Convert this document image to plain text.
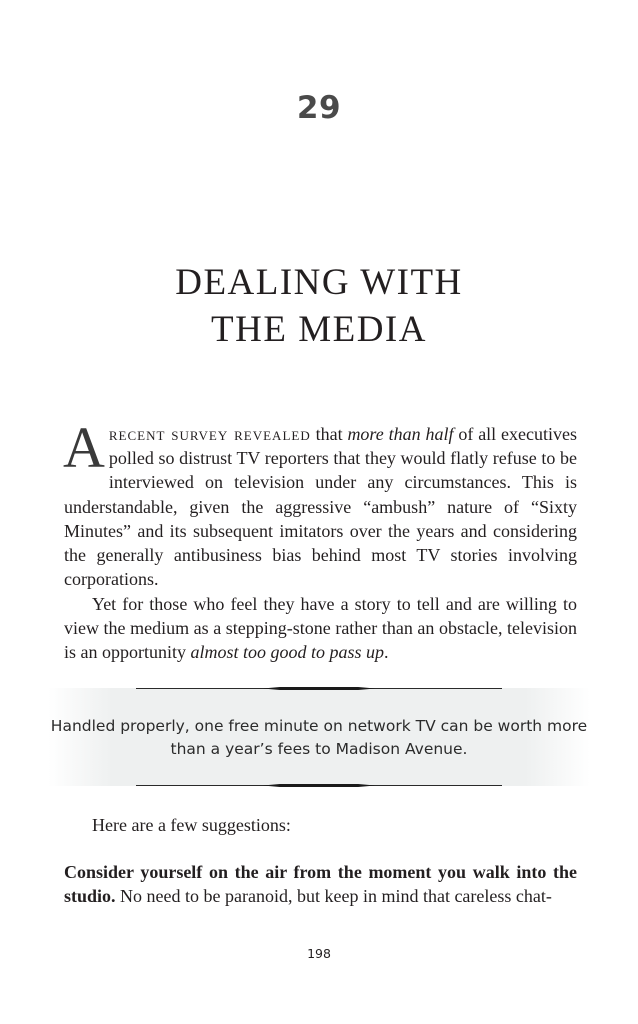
29
DEALING WITH
THE MEDIA

Arecent survey revealed that more than half of all executives polled so distrust TV reporters that they would flatly refuse to be interviewed on television under any circumstances. This is understandable, given the aggressive “ambush” nature of “Sixty Minutes” and its subsequent imitators over the years and considering the generally antibusiness bias behind most TV stories involving corporations.

Yet for those who feel they have a story to tell and are willing to view the medium as a stepping-stone rather than an obstacle, television is an opportunity almost too good to pass up.

Handled properly, one free minute on network TV can be worth more than a year’s fees to Madison Avenue.
Here are a few suggestions:
Consider yourself on the air from the moment you walk into the studio. No need to be paranoid, but keep in mind that careless chat-
198
